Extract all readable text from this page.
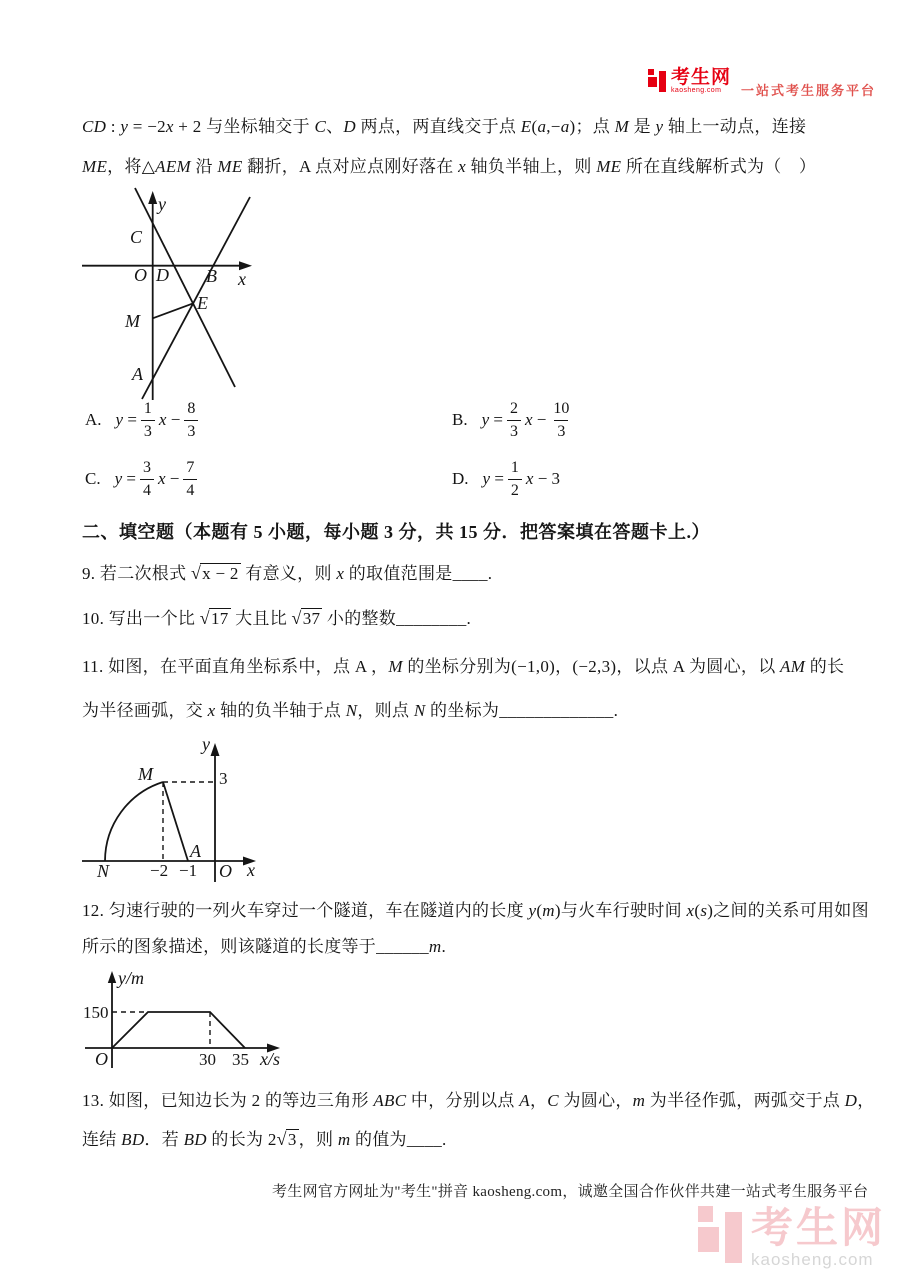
考生网
kaosheng.com	一站式考生服务平台
CD : y = −2x + 2 与坐标轴交于 C、D 两点，两直线交于点 E(a,−a)；点 M 是 y 轴上一动点，连接
ME，将△AEM 沿 ME 翻折，A 点对应点刚好落在 x 轴负半轴上，则 ME 所在直线解析式为（　）
y
C
O D B x
E
M
A
A. $y = \frac{1}{3}$ $x - \frac{8}{3}$	B. $y = \frac{2}{3}$ $x - \frac{10}{3}$
C. $y = \frac{3}{4}$ $x - \frac{7}{4}$	D. $y = \frac{1}{2}$ x − 3
二、填空题（本题有 5 小题，每小题 3 分，共 15 分．把答案填在答题卡上.）
9. 若二次根式 √x − 2 有意义，则 x 的取值范围是____.
10. 写出一个比 √17 大且比 √37 小的整数________.
11. 如图，在平面直角坐标系中，点 A ，M 的坐标分别为(−1,0)，(−2,3)，以点 A 为圆心，以 AM 的长
为半径画弧，交 x 轴的负半轴于点 N，则点 N 的坐标为_____________.
y
3
M
A
N −2 −1 O x
12. 匀速行驶的一列火车穿过一个隧道，车在隧道内的长度 y(m)与火车行驶时间 x(s)之间的关系可用如图
所示的图象描述，则该隧道的长度等于______m.
y/m
150
O	30 35 x/s
13. 如图，已知边长为 2 的等边三角形 ABC 中，分别以点 A，C 为圆心，m 为半径作弧，两弧交于点 D，
连结 BD．若 BD 的长为 2√3 ，则 m 的值为____.
考生网官方网址为"考生"拼音 kaosheng.com，诚邀全国合作伙伴共建一站式考生服务平台
考生网
kaosheng.com
